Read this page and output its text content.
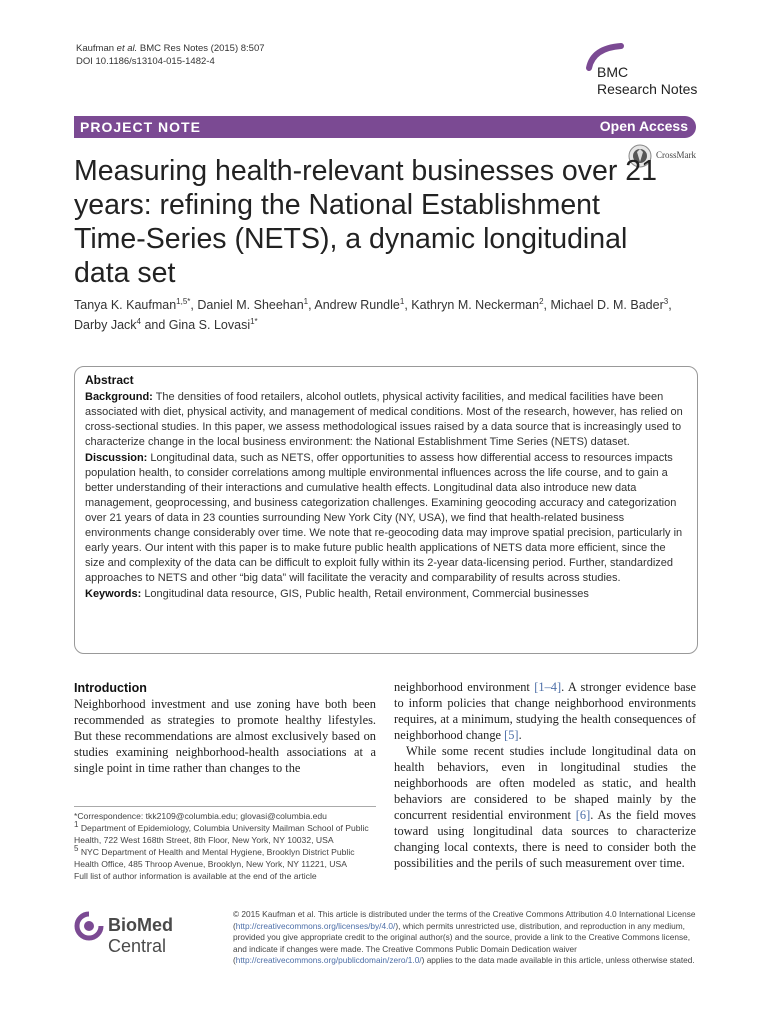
Kaufman et al. BMC Res Notes (2015) 8:507
DOI 10.1186/s13104-015-1482-4
BMC
Research Notes
PROJECT NOTE	Open Access
CrossMark
Measuring health-relevant businesses over 21 years: refining the National Establishment Time-Series (NETS), a dynamic longitudinal data set
Tanya K. Kaufman$^{1,5*}$, Daniel M. Sheehan$^1$, Andrew Rundle$^1$, Kathryn M. Neckerman$^2$, Michael D. M. Bader$^3$, Darby Jack$^4$ and Gina S. Lovasi$^{1*}$

Abstract

Background: The densities of food retailers, alcohol outlets, physical activity facilities, and medical facilities have been associated with diet, physical activity, and management of medical conditions. Most of the research, however, has relied on cross-sectional studies. In this paper, we assess methodological issues raised by a data source that is increasingly used to characterize change in the local business environment: the National Establishment Time Series (NETS) dataset.

Discussion: Longitudinal data, such as NETS, offer opportunities to assess how differential access to resources impacts population health, to consider correlations among multiple environmental influences across the life course, and to gain a better understanding of their interactions and cumulative health effects. Longitudinal data also introduce new data management, geoprocessing, and business categorization challenges. Examining geocoding accuracy and categorization over 21 years of data in 23 counties surrounding New York City (NY, USA), we find that health-related business environments change considerably over time. We note that re-geocoding data may improve spatial precision, particularly in early years. Our intent with this paper is to make future public health applications of NETS data more efficient, since the size and complexity of the data can be difficult to exploit fully within its 2-year data-licensing period. Further, standardized approaches to NETS and other “big data” will facilitate the veracity and comparability of results across studies.

Keywords: Longitudinal data resource, GIS, Public health, Retail environment, Commercial businesses

Introduction

Neighborhood investment and use zoning have both been recommended as strategies to promote healthy lifestyles. But these recommendations are almost exclusively based on studies examining neighborhood-health associations at a single point in time rather than changes to the

neighborhood environment [1–4]. A stronger evidence base to inform policies that change neighborhood environments requires, at a minimum, studying the health consequences of neighborhood change [5].

While some recent studies include longitudinal data on health behaviors, even in longitudinal studies the neighborhoods are often modeled as static, and health behaviors are considered to be shaped mainly by the concurrent residential environment [6]. As the field moves toward using longitudinal data sources to characterize changing local contexts, there is need to consider both the possibilities and the perils of such measurement over time.

*Correspondence: tkk2109@columbia.edu; glovasi@columbia.edu
1 Department of Epidemiology, Columbia University Mailman School of Public Health, 722 West 168th Street, 8th Floor, New York, NY 10032, USA
5 NYC Department of Health and Mental Hygiene, Brooklyn District Public Health Office, 485 Throop Avenue, Brooklyn, New York, NY 11221, USA
Full list of author information is available at the end of the article
BioMed Central
© 2015 Kaufman et al. This article is distributed under the terms of the Creative Commons Attribution 4.0 International License (http://creativecommons.org/licenses/by/4.0/), which permits unrestricted use, distribution, and reproduction in any medium, provided you give appropriate credit to the original author(s) and the source, provide a link to the Creative Commons license, and indicate if changes were made. The Creative Commons Public Domain Dedication waiver (http://creativecommons.org/publicdomain/zero/1.0/) applies to the data made available in this article, unless otherwise stated.
